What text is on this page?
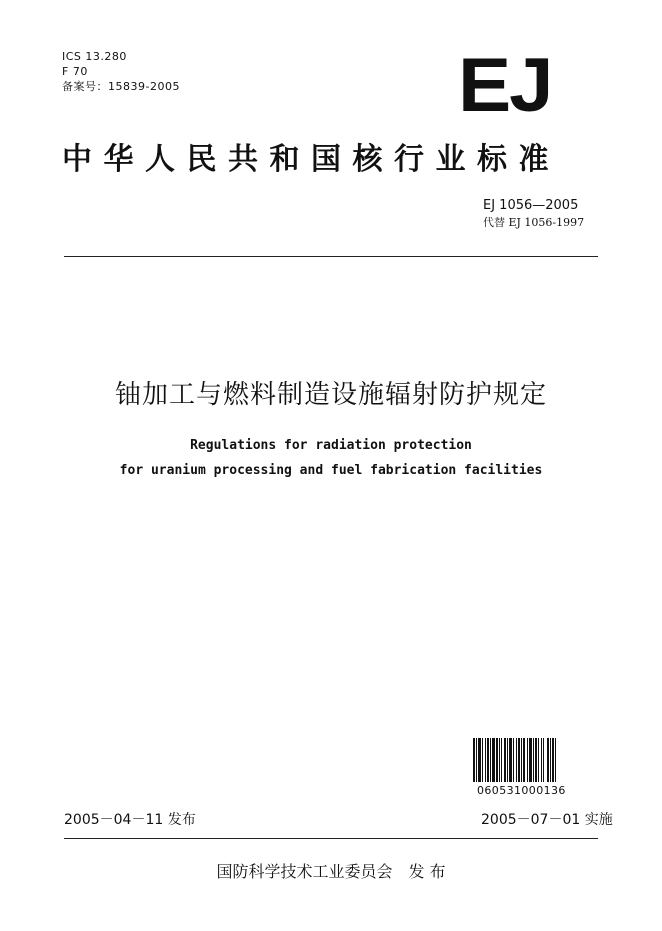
ICS 13.280
F 70
备案号：15839-2005	EJ
中华人民共和国核行业标准
EJ 1056—2005
代替 EJ 1056-1997
铀加工与燃料制造设施辐射防护规定
Regulations for radiation protection
for uranium processing and fuel fabrication facilities
060531000136
2005－04－11 发布	2005－07－01 实施
国防科学技术工业委员会 发 布
